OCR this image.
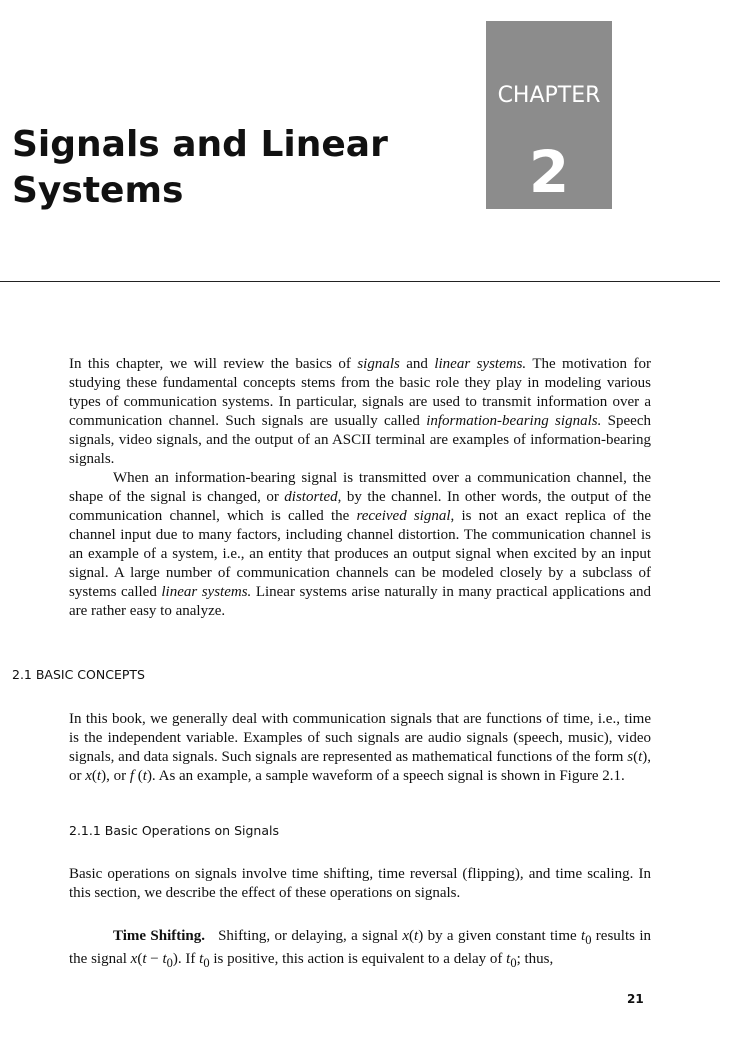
CHAPTER
2
Signals and Linear
Systems

In this chapter, we will review the basics of signals and linear systems. The motivation for studying these fundamental concepts stems from the basic role they play in modeling various types of communication systems. In particular, signals are used to transmit information over a communication channel. Such signals are usually called information-bearing signals. Speech signals, video signals, and the output of an ASCII terminal are examples of information-bearing signals.

When an information-bearing signal is transmitted over a communication channel, the shape of the signal is changed, or distorted, by the channel. In other words, the output of the communication channel, which is called the received signal, is not an exact replica of the channel input due to many factors, including channel distortion. The communication channel is an example of a system, i.e., an entity that produces an output signal when excited by an input signal. A large number of communication channels can be modeled closely by a subclass of systems called linear systems. Linear systems arise naturally in many practical applications and are rather easy to analyze.

2.1 BASIC CONCEPTS

In this book, we generally deal with communication signals that are functions of time, i.e., time is the independent variable. Examples of such signals are audio signals (speech, music), video signals, and data signals. Such signals are represented as mathematical functions of the form s(t), or x(t), or f (t). As an example, a sample waveform of a speech signal is shown in Figure 2.1.

2.1.1 Basic Operations on Signals

Basic operations on signals involve time shifting, time reversal (flipping), and time scaling. In this section, we describe the effect of these operations on signals.

Time Shifting. Shifting, or delaying, a signal x(t) by a given constant time $t_0$ results in the signal $x(t - t_0)$. If $t_0$ is positive, this action is equivalent to a delay of $t_0$; thus,

21
